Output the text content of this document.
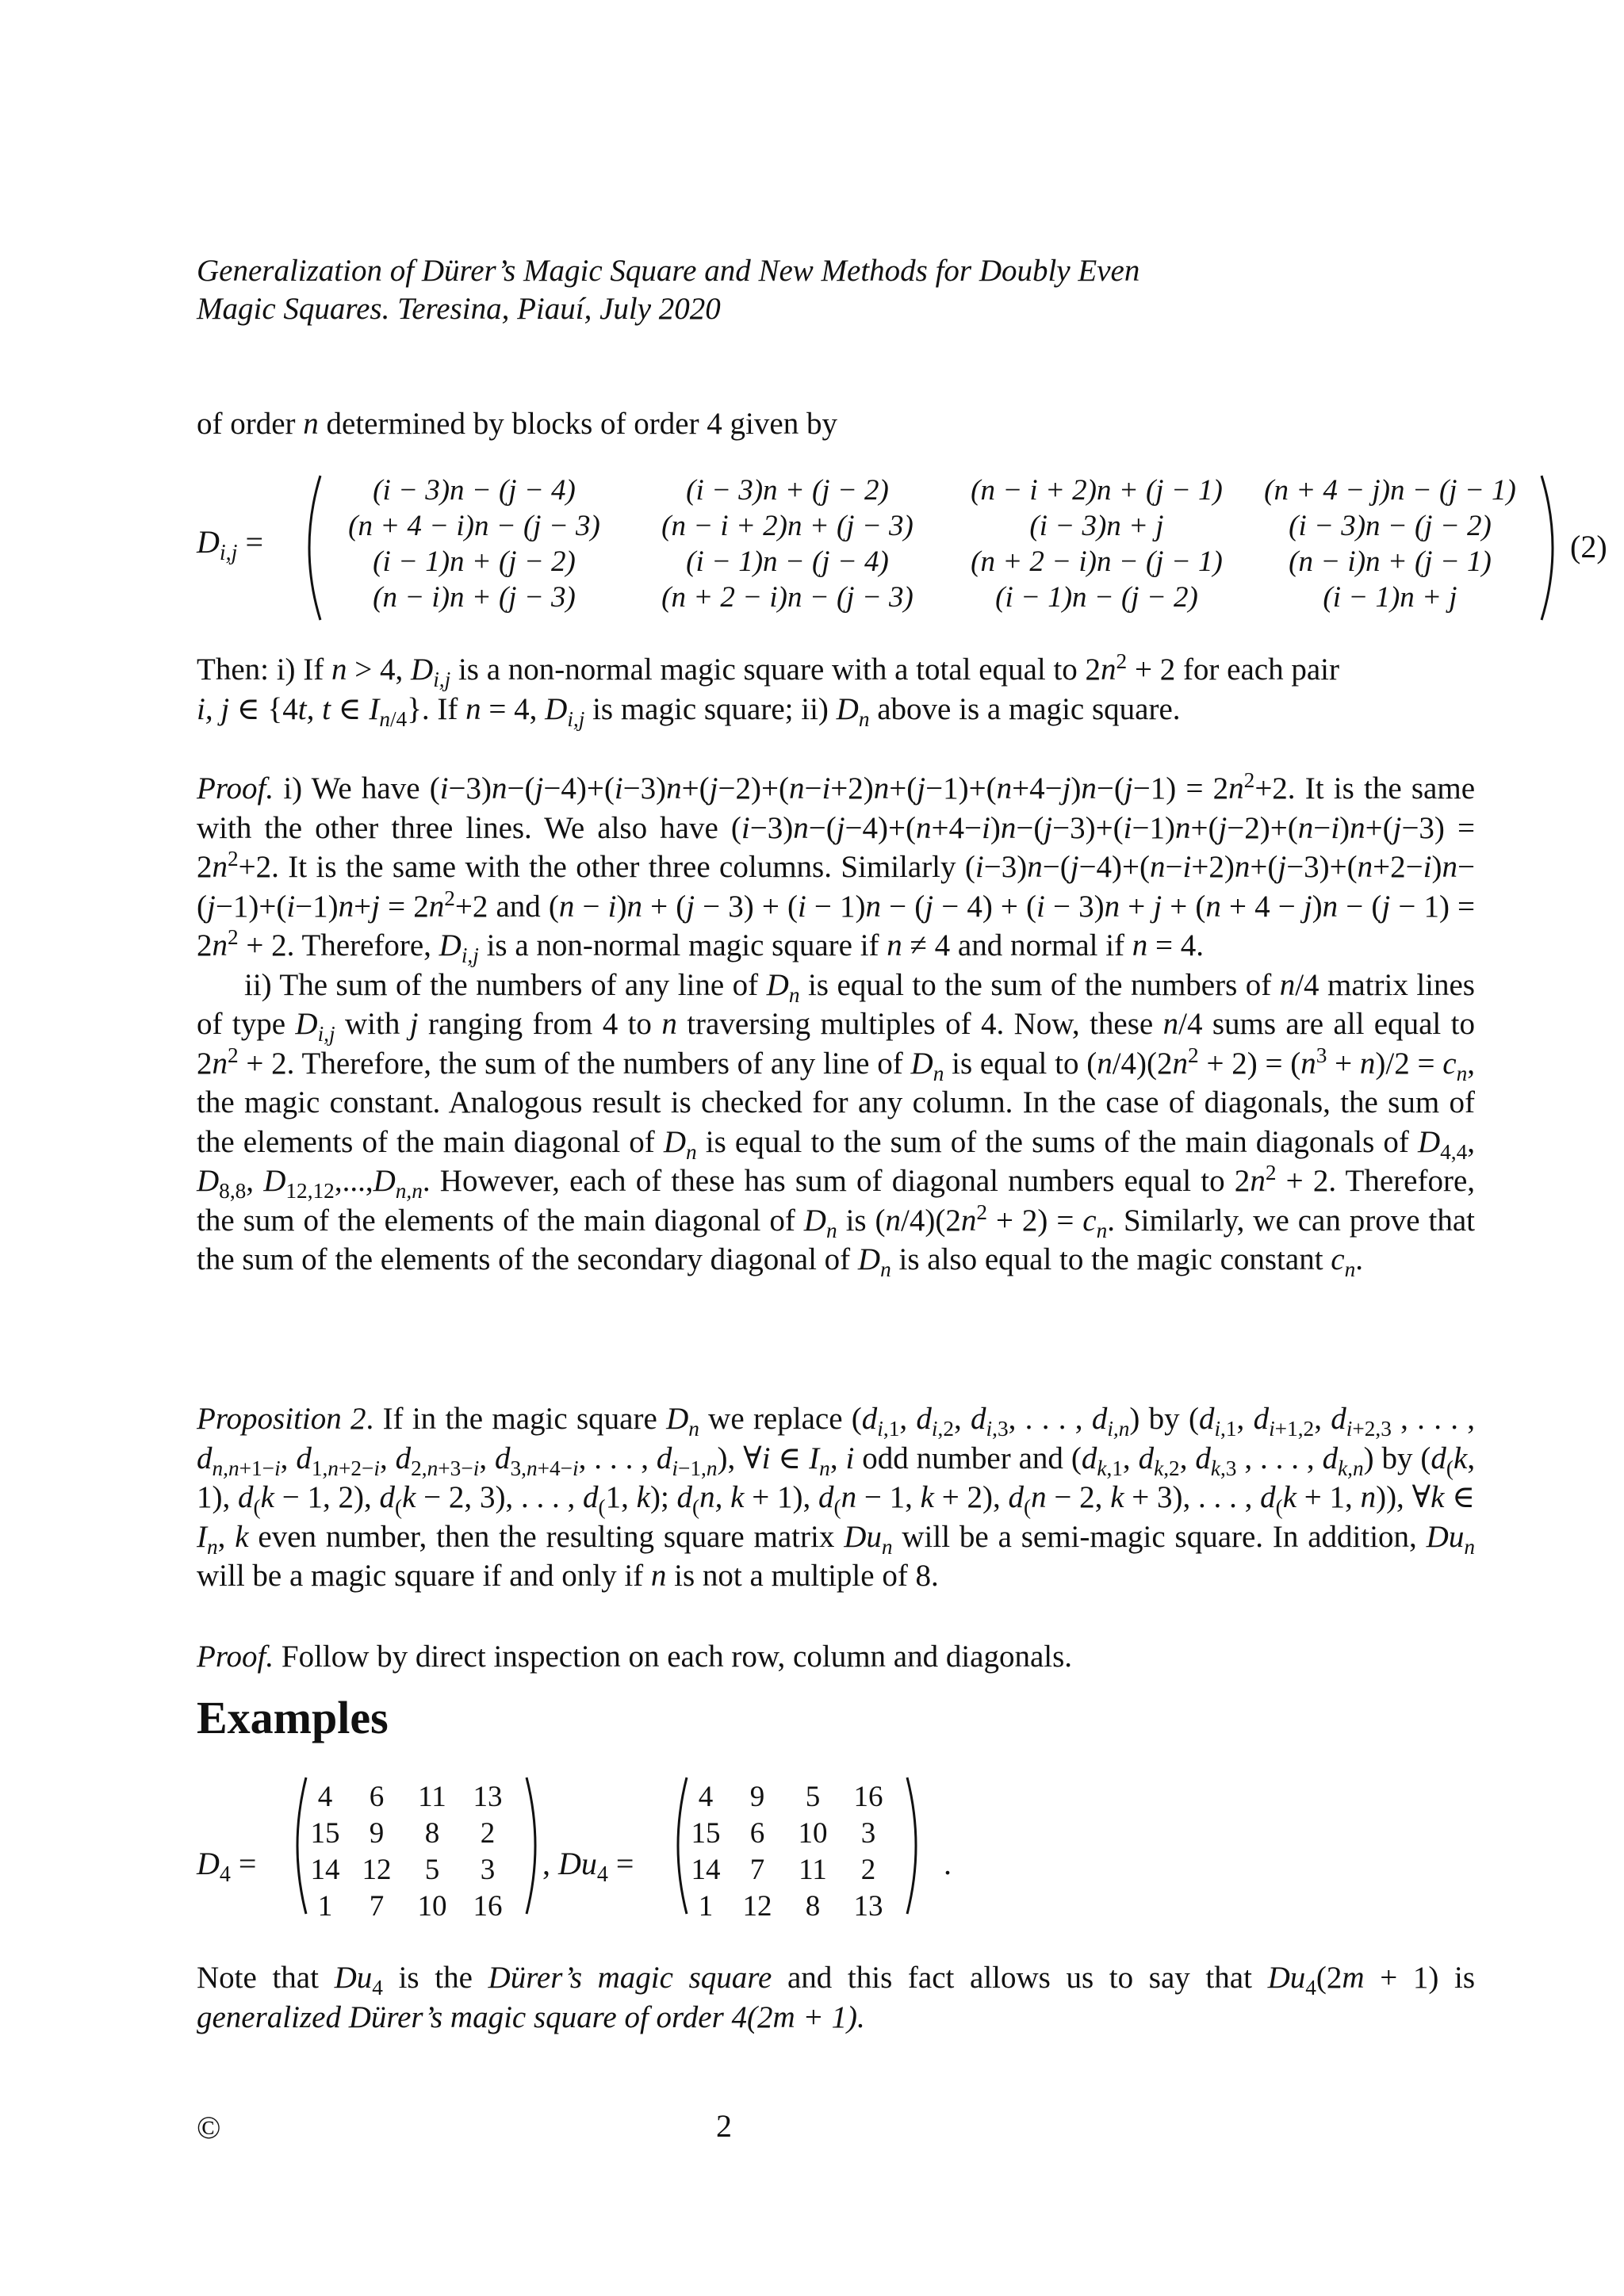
Generalization of Dürer’s Magic Square and New Methods for Doubly Even
Magic Squares. Teresina, Piauí, July 2020
of order n determined by blocks of order 4 given by
$D_{i,j}$ =
(i − 3)n − (j − 4)	(i − 3)n + (j − 2)	(n − i + 2)n + (j − 1)	(n + 4 − j)n − (j − 1)
(n + 4 − i)n − (j − 3)	(n − i + 2)n + (j − 3)	(i − 3)n + j	(i − 3)n − (j − 2)
(i − 1)n + (j − 2)	(i − 1)n − (j − 4)	(n + 2 − i)n − (j − 1)	(n − i)n + (j − 1)
(n − i)n + (j − 3)	(n + 2 − i)n − (j − 3)	(i − 1)n − (j − 2)	(i − 1)n + j
(2)

Then: i) If n > 4, $D_{i,j}$ is a non-normal magic square with a total equal to $2n^2 + 2$ for each pair

i, j ∈ {4t, t ∈ $I_{n/4}$}. If n = 4, $D_{i,j}$ is magic square; ii) $D_n$ above is a magic square.

Proof. i) We have $(i-3)n-(j-4)+(i-3)n+(j-2)+(n-i+2)n+(j-1)+(n+4-j)n-(j-1) = 2n^2+2$. It is the same with the other three lines. We also have $(i-3)n-(j-4)+(n+4-i)n-(j-3)+(i-1)n+(j-2)+(n-i)n+(j-3) = 2n^2+2$. It is the same with the other three columns. Similarly $(i-3)n-(j-4)+(n-i+2)n+(j-3)+(n+2-i)n-(j-1)+(i-1)n+j = 2n^2+2$ and $(n - i)n + (j - 3) + (i - 1)n - (j - 4) + (i - 3)n + j + (n + 4 - j)n - (j - 1) = 2n^2 + 2$. Therefore, $D_{i,j}$ is a non-normal magic square if n ≠ 4 and normal if n = 4.

ii) The sum of the numbers of any line of $D_n$ is equal to the sum of the numbers of n/4 matrix lines of type $D_{i,j}$ with j ranging from 4 to n traversing multiples of 4. Now, these n/4 sums are all equal to $2n^2 + 2$. Therefore, the sum of the numbers of any line of $D_n$ is equal to $(n/4)(2n^2 + 2) = (n^3 + n)/2 = c_n$, the magic constant. Analogous result is checked for any column. In the case of diagonals, the sum of the elements of the main diagonal of $D_n$ is equal to the sum of the sums of the main diagonals of $D_{4,4}$, $D_{8,8}$, $D_{12,12},...,D_{n,n}$. However, each of these has sum of diagonal numbers equal to $2n^2 + 2$. Therefore, the sum of the elements of the main diagonal of $D_n$ is $(n/4)(2n^2 + 2) = c_n$. Similarly, we can prove that the sum of the elements of the secondary diagonal of $D_n$ is also equal to the magic constant $c_n$.

Proposition 2. If in the magic square $D_n$ we replace ($d_{i,1}$, $d_{i,2}$, $d_{i,3}$, . . . , $d_{i,n}$) by ($d_{i,1}$, $d_{i+1,2}$, $d_{i+2,3}$ , . . . , $d_{n,n+1-i}$, $d_{1,n+2-i}$, $d_{2,n+3-i}$, $d_{3,n+4-i}$, . . . , $d_{i-1,n}$), ∀i ∈ $I_n$, i odd number and ($d_{k,1}$, $d_{k,2}$, $d_{k,3}$ , . . . , $d_{k,n}$) by ($d_(k$, 1), $d_(k - 1$, 2), $d_(k - 2$, 3), . . . , $d_(1$, k); $d_(n$, k + 1), $d_(n - 1$, k + 2), $d_(n - 2$, k + 3), . . . , $d_(k + 1$, n)), ∀k ∈ $I_n$, k even number, then the resulting square matrix $Du_n$ will be a semi-magic square. In addition, $Du_n$ will be a magic square if and only if n is not a multiple of 8.

Proof. Follow by direct inspection on each row, column and diagonals.
Examples
$D_4$ =
4	6	11	13
15	9	8	2
14	12	5	3
1	7	10	16
, $Du_4$ =
4	9	5	16
15	6	10	3
14	7	11	2
1	12	8	13
.
Note that $Du_4$ is the Dürer’s magic square and this fact allows us to say that $Du_4(2m + 1)$ is generalized Dürer’s magic square of order 4(2m + 1).
©	2
